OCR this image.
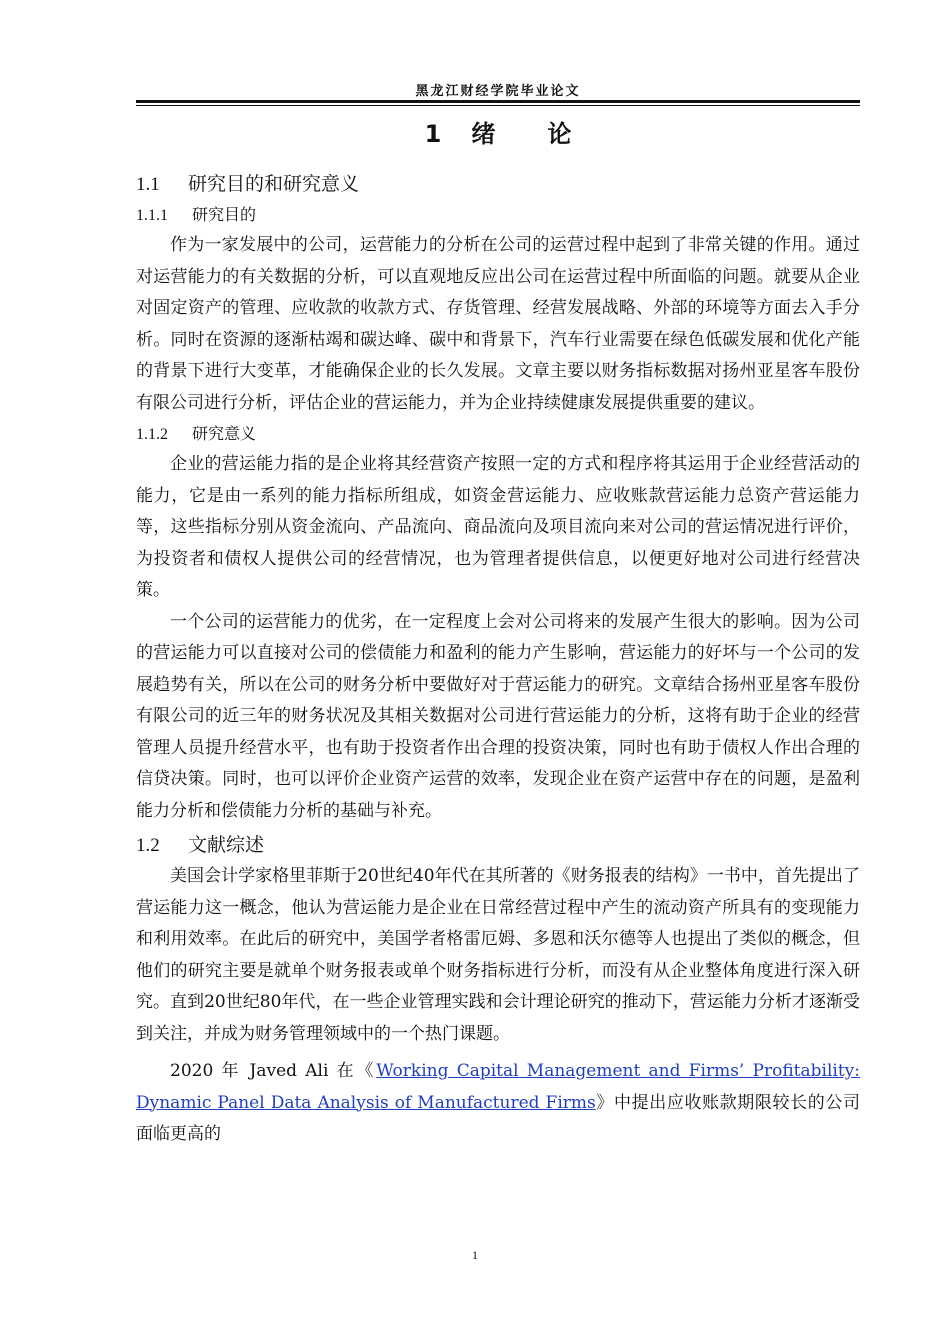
黑龙江财经学院毕业论文
1 绪 论
1.1 研究目的和研究意义
1.1.1 研究目的

作为一家发展中的公司，运营能力的分析在公司的运营过程中起到了非常关键的作用。通过对运营能力的有关数据的分析，可以直观地反应出公司在运营过程中所面临的问题。就要从企业对固定资产的管理、应收款的收款方式、存货管理、经营发展战略、外部的环境等方面去入手分析。同时在资源的逐渐枯竭和碳达峰、碳中和背景下，汽车行业需要在绿色低碳发展和优化产能的背景下进行大变革，才能确保企业的长久发展。文章主要以财务指标数据对扬州亚星客车股份有限公司进行分析，评估企业的营运能力，并为企业持续健康发展提供重要的建议。

1.1.2 研究意义

企业的营运能力指的是企业将其经营资产按照一定的方式和程序将其运用于企业经营活动的能力，它是由一系列的能力指标所组成，如资金营运能力、应收账款营运能力总资产营运能力等，这些指标分别从资金流向、产品流向、商品流向及项目流向来对公司的营运情况进行评价，为投资者和债权人提供公司的经营情况，也为管理者提供信息，以便更好地对公司进行经营决策。

一个公司的运营能力的优劣，在一定程度上会对公司将来的发展产生很大的影响。因为公司的营运能力可以直接对公司的偿债能力和盈利的能力产生影响，营运能力的好坏与一个公司的发展趋势有关，所以在公司的财务分析中要做好对于营运能力的研究。文章结合扬州亚星客车股份有限公司的近三年的财务状况及其相关数据对公司进行营运能力的分析，这将有助于企业的经营管理人员提升经营水平，也有助于投资者作出合理的投资决策，同时也有助于债权人作出合理的信贷决策。同时，也可以评价企业资产运营的效率，发现企业在资产运营中存在的问题，是盈利能力分析和偿债能力分析的基础与补充。

1.2 文献综述

美国会计学家格里菲斯于20世纪40年代在其所著的《财务报表的结构》一书中，首先提出了营运能力这一概念，他认为营运能力是企业在日常经营过程中产生的流动资产所具有的变现能力和利用效率。在此后的研究中，美国学者格雷厄姆、多恩和沃尔德等人也提出了类似的概念，但他们的研究主要是就单个财务报表或单个财务指标进行分析，而没有从企业整体角度进行深入研究。直到20世纪80年代，在一些企业管理实践和会计理论研究的推动下，营运能力分析才逐渐受到关注，并成为财务管理领域中的一个热门课题。

2020 年 Javed Ali 在《Working Capital Management and Firms’ Profitability: Dynamic Panel Data Analysis of Manufactured Firms》中提出应收账款期限较长的公司面临更高的

1
